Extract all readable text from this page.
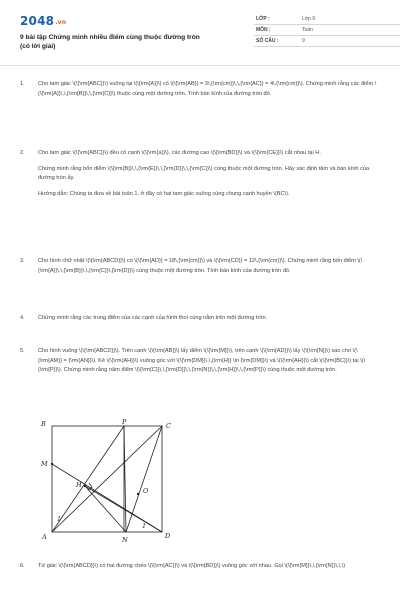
2048.vn
9 bài tập Chứng minh nhiều điểm cùng thuộc đường tròn
(có lời giải)
LỚP :	Lớp 9
MÔN :	Toán
SỐ CÂU :	9
1. Cho tam giác \(\{\rm{ABC}}\) vuông tại \(\{\rm{A}}\) có \(\{\rm{AB}} = 3\,{\rm{cm}}\,\,{\rm{AC}} = 4\,{\rm{cm}}\). Chứng minh rằng các điểm \(\{\rm{A}}\,\,{\rm{B}}\,\,{\rm{C}}\) thuộc cùng một đường tròn. Tính bán kính của đường tròn đó.

2. Cho tam giác \(\{\rm{ABC}}\) đều có cạnh \(\{\rm{a}}\), các đường cao \(\{\rm{BD}}\) và \(\{\rm{CE}}\) cắt nhau tại H.

Chứng minh rằng bốn điểm \(\{\rm{B}}\,\,{\rm{E}}\,\,{\rm{D}}\,\,{\rm{C}}\) cùng thuộc một đường tròn. Hãy xác định tâm và bán kính của đường tròn ấy.

Hướng dẫn: Chúng ta đưa về bài toán 1, ở đây có hai tam giác vuông cùng chung cạnh huyền \(BC\).

3. Cho hình chữ nhật \(\{\rm{ABCD}}\) có \(\{\rm{AD}} = 18\,{\rm{cm}}\) và \(\{\rm{CD}} = 12\,{\rm{cm}}\). Chứng minh rằng bốn điểm \(\{\rm{A}}\,\,{\rm{B}}\,\,{\rm{C}}\,{\rm{D}}\) cùng thuộc một đường tròn. Tính bán kính của đường tròn đó.

4. Chứng minh rằng các trung điểm của các cạnh của hình thoi cùng nằm trên một đường tròn.

5. Cho hình vuông \(\{\rm{ABCD}}\). Trên cạnh \(\{\rm{AB}}\) lấy điểm \(\{\rm{M}}\), trên cạnh \(\{\rm{AD}}\) lấy \(\{\rm{N}}\) sao cho \(\{\rm{AM}} = {\rm{AN}}\). Kẻ \(\{\rm{AH}}\) vuông góc với \(\{\rm{DM}}\,\,{\rm{H}} \in {\rm{DM}}\) và \(\{\rm{AH}}\) cắt \(\{\rm{BC}}\) tại \(\{\rm{P}}\). Chứng minh rằng năm điểm \(\{\rm{C}}\,\,{\rm{D}}\,\,{\rm{N}}\,\,{\rm{H}}\,\,{\rm{P}}\) cùng thuộc một đường tròn.

B	P	C
M
H
O
1
1
A	N	D
6. Tứ giác \(\{\rm{ABCD}}\) có hai đường chéo \(\{\rm{AC}}\) và \(\{\rm{BD}}\) vuông góc với nhau. Gọi \(\{\rm{M}}\,\,{\rm{N}}\,\,\)
